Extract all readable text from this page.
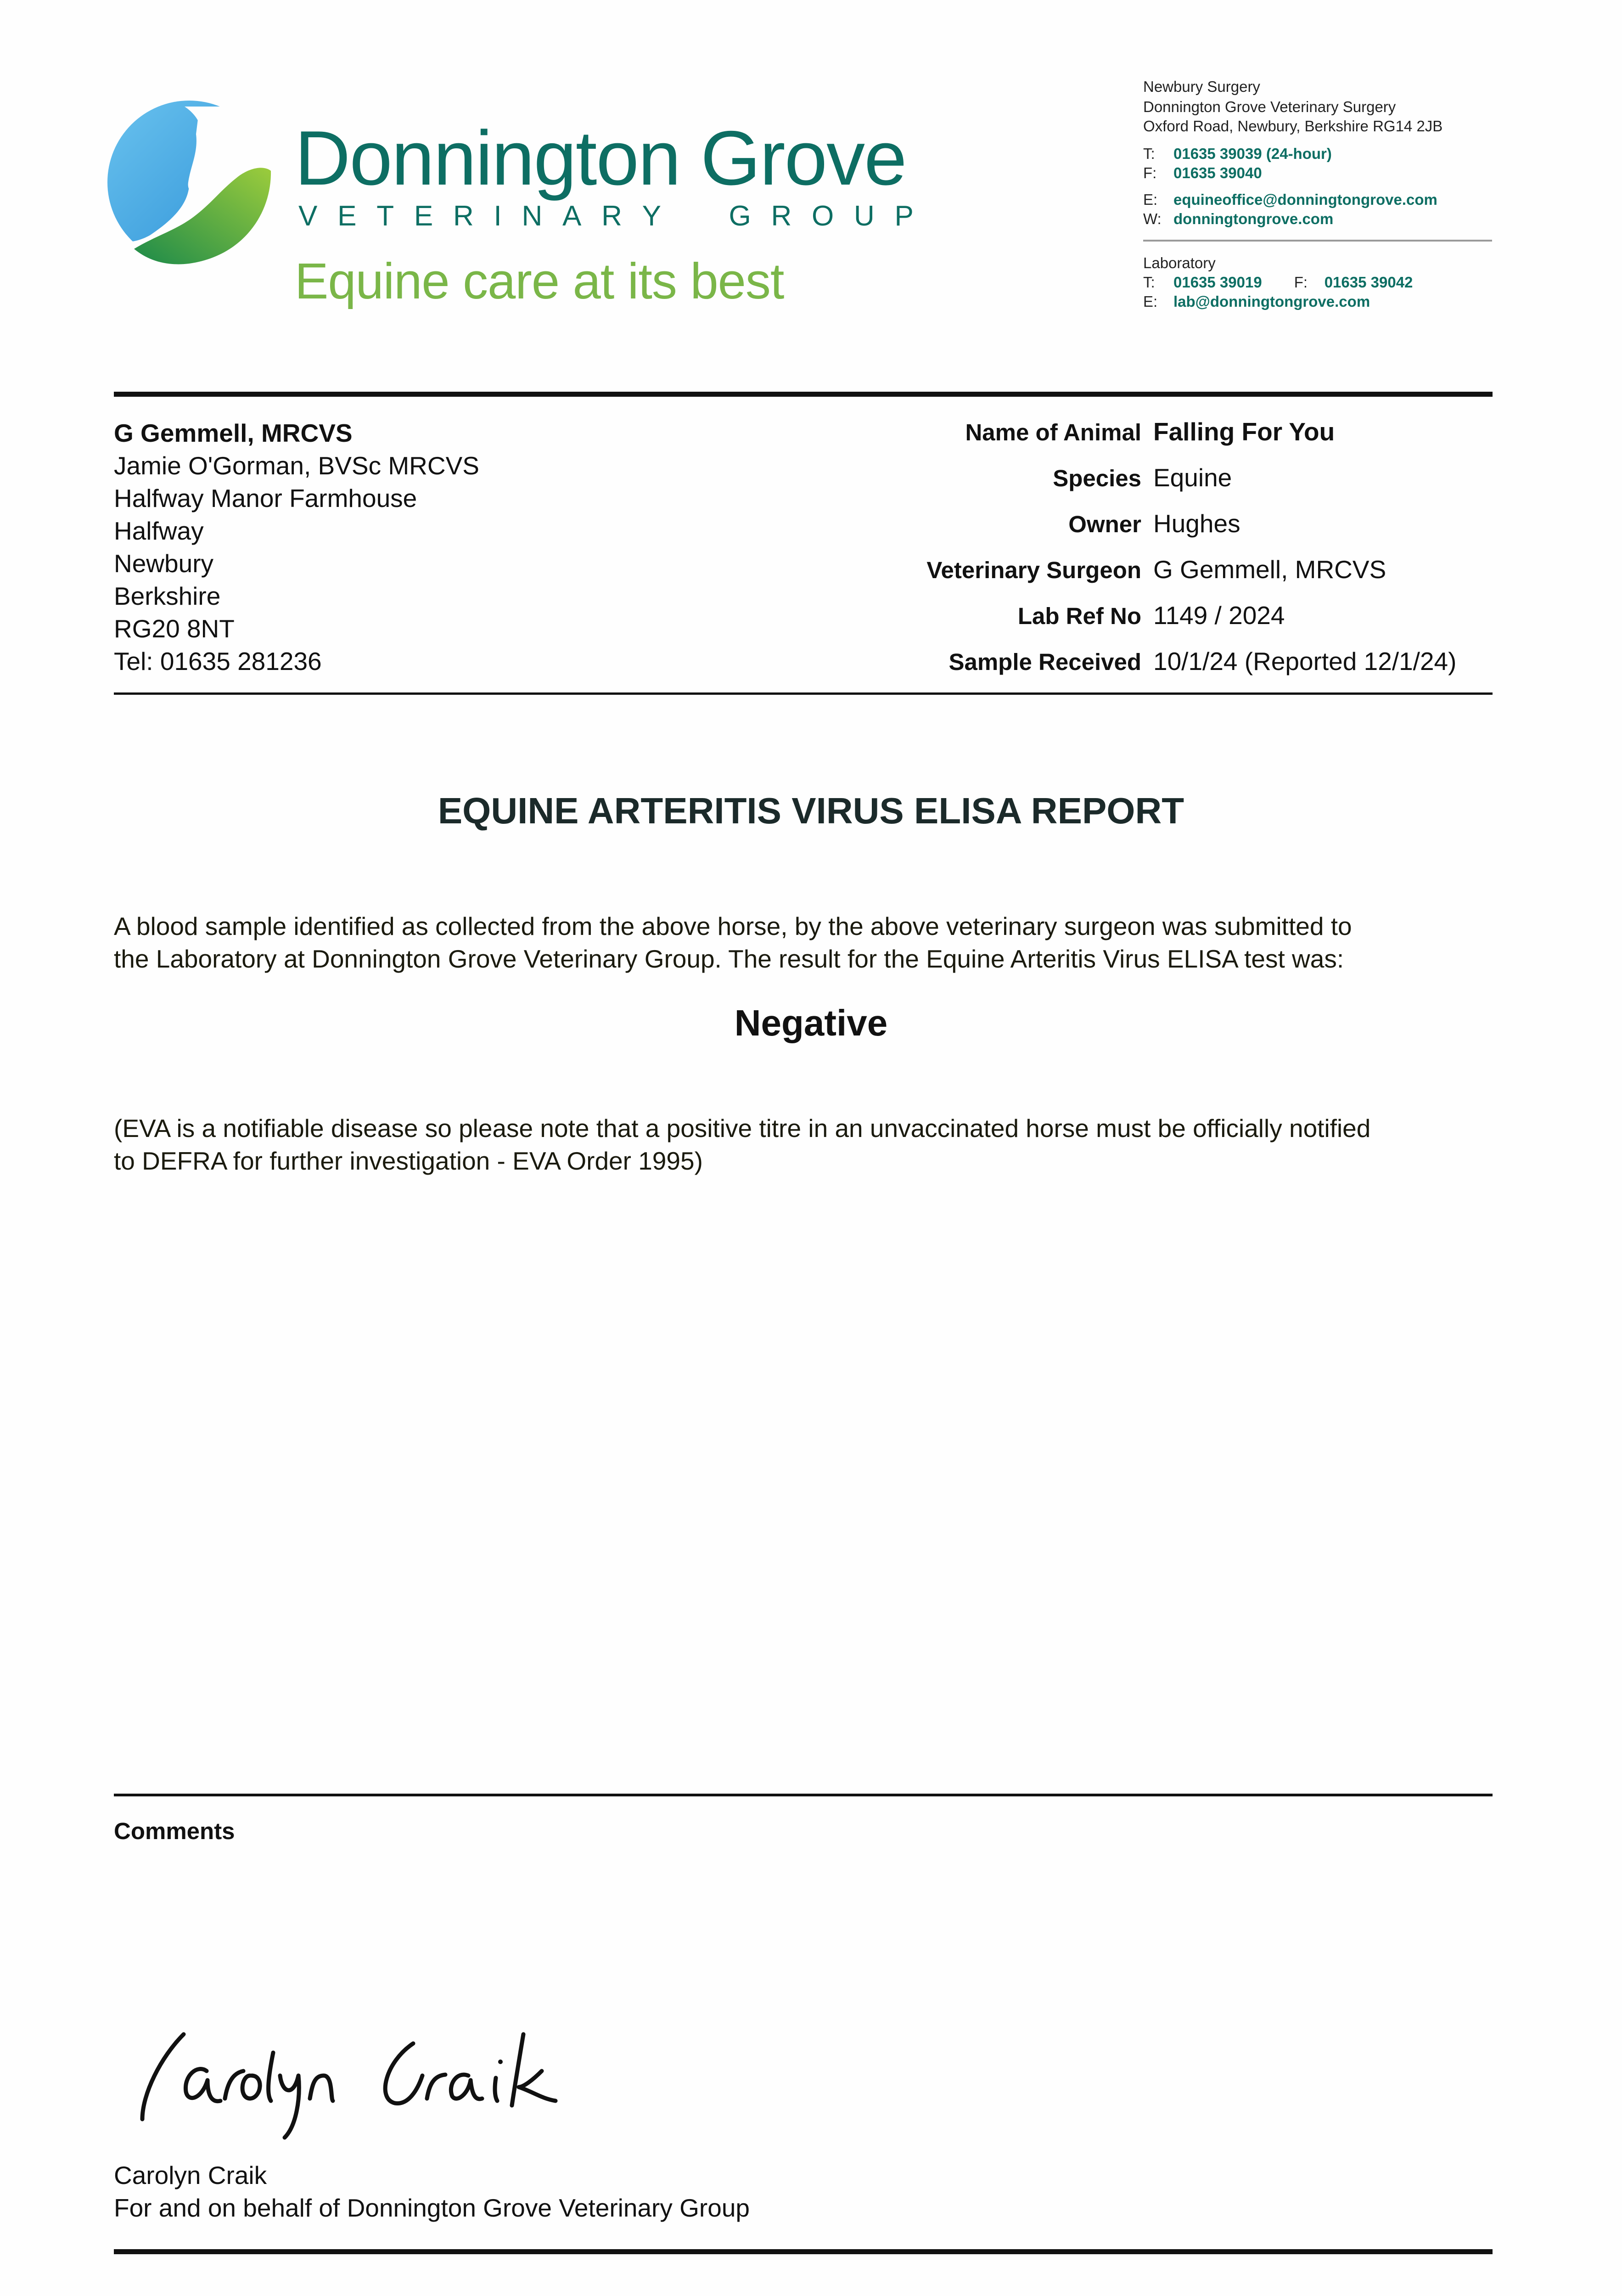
Donnington Grove
V E T E R I N A R Y G R O U P
Equine care at its best
Newbury Surgery
Donnington Grove Veterinary Surgery
Oxford Road, Newbury, Berkshire RG14 2JB
T: 01635 39039 (24-hour)
F: 01635 39040
E: equineoffice@donningtongrove.com
W: donningtongrove.com
Laboratory
T: 01635 39019 F: 01635 39042
E: lab@donningtongrove.com
G Gemmell, MRCVS
Jamie O'Gorman, BVSc MRCVS
Halfway Manor Farmhouse
Halfway
Newbury
Berkshire
RG20 8NT
Tel: 01635 281236
Name of Animal Falling For You
Species Equine
Owner Hughes
Veterinary Surgeon G Gemmell, MRCVS
Lab Ref No 1149 / 2024
Sample Received 10/1/24 (Reported 12/1/24)
EQUINE ARTERITIS VIRUS ELISA REPORT
A blood sample identified as collected from the above horse, by the above veterinary surgeon was submitted to
the Laboratory at Donnington Grove Veterinary Group. The result for the Equine Arteritis Virus ELISA test was:
Negative
(EVA is a notifiable disease so please note that a positive titre in an unvaccinated horse must be officially notified
to DEFRA for further investigation - EVA Order 1995)
Comments
Carolyn Craik
For and on behalf of Donnington Grove Veterinary Group
